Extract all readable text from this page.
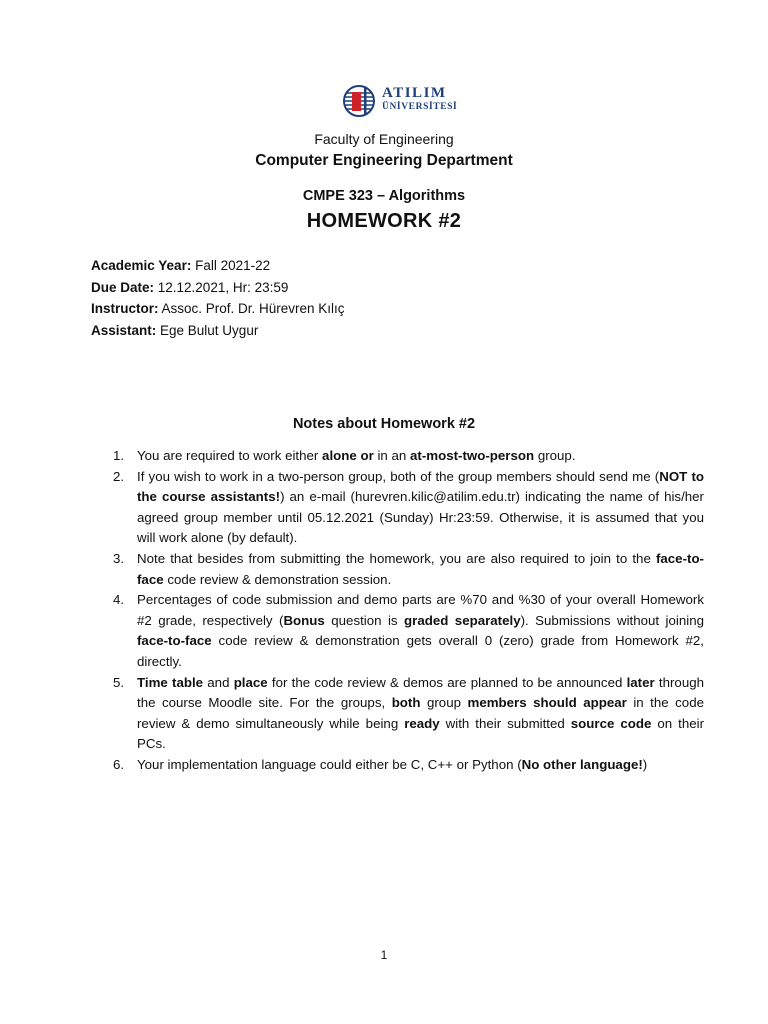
ATILIM
ÜNİVERSİTESİ
Faculty of Engineering
Computer Engineering Department
CMPE 323 – Algorithms
HOMEWORK #2
Academic Year: Fall 2021-22
Due Date: 12.12.2021, Hr: 23:59
Instructor: Assoc. Prof. Dr. Hürevren Kılıç
Assistant: Ege Bulut Uygur
Notes about Homework #2
1. You are required to work either alone or in an at-most-two-person group.
2. If you wish to work in a two-person group, both of the group members should send me (NOT to the course assistants!) an e-mail (hurevren.kilic@atilim.edu.tr) indicating the name of his/her agreed group member until 05.12.2021 (Sunday) Hr:23:59. Otherwise, it is assumed that you will work alone (by default).
3. Note that besides from submitting the homework, you are also required to join to the face-to-face code review & demonstration session.
4. Percentages of code submission and demo parts are %70 and %30 of your overall Homework #2 grade, respectively (Bonus question is graded separately). Submissions without joining face-to-face code review & demonstration gets overall 0 (zero) grade from Homework #2, directly.
5. Time table and place for the code review & demos are planned to be announced later through the course Moodle site. For the groups, both group members should appear in the code review & demo simultaneously while being ready with their submitted source code on their PCs.
6. Your implementation language could either be C, C++ or Python (No other language!)
1
